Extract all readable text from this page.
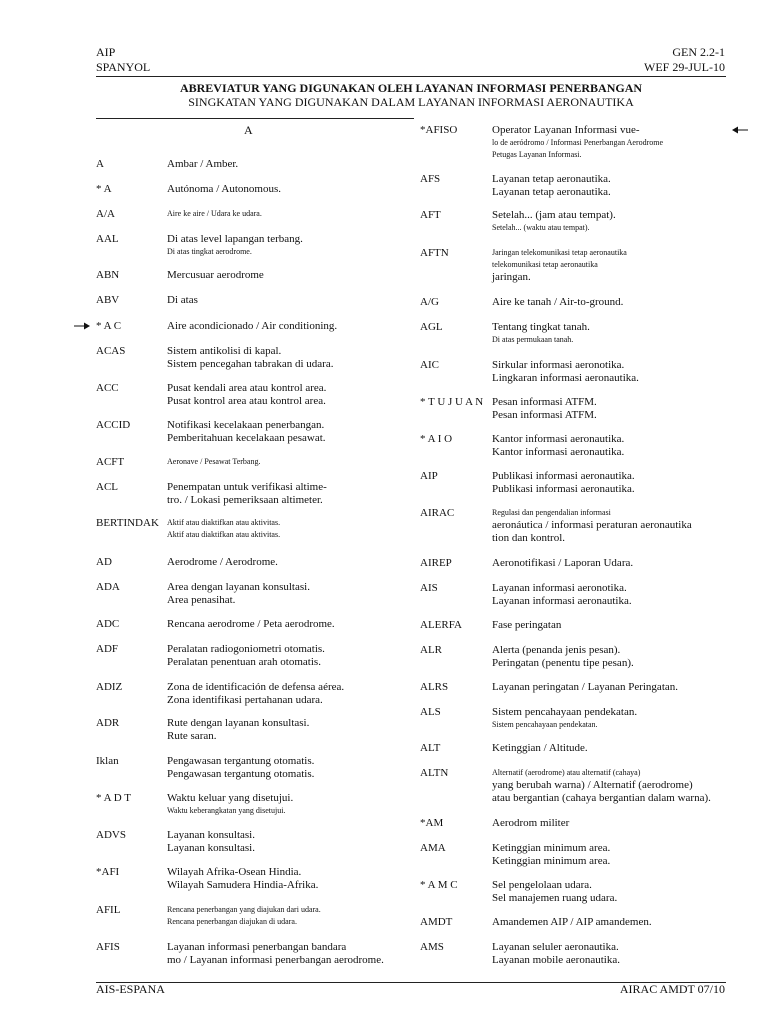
AIP
SPANYOL
GEN 2.2-1
WEF 29-JUL-10
ABREVIATUR YANG DIGUNAKAN OLEH LAYANAN INFORMASI PENERBANGAN
SINGKATAN YANG DIGUNAKAN DALAM LAYANAN INFORMASI AERONAUTIKA
A
A	Ambar / Amber.
* A	Autónoma / Autonomous.
A/A	Aire ke aire / Udara ke udara.
AAL	Di atas level lapangan terbang.
Di atas tingkat aerodrome.
ABN	Mercusuar aerodrome
ABV	Di atas
* A C	Aire acondicionado / Air conditioning.
ACAS	Sistem antikolisi di kapal.
Sistem pencegahan tabrakan di udara.
ACC	Pusat kendali area atau kontrol area.
Pusat kontrol area atau kontrol area.
ACCID	Notifikasi kecelakaan penerbangan.
Pemberitahuan kecelakaan pesawat.
ACFT	Aeronave / Pesawat Terbang.
ACL	Penempatan untuk verifikasi altime-
tro. / Lokasi pemeriksaan altimeter.
BERTINDAK Aktif atau diaktifkan atau aktivitas.
Aktif atau diaktifkan atau aktivitas.
AD	Aerodrome / Aerodrome.
ADA	Area dengan layanan konsultasi.
Area penasihat.
ADC	Rencana aerodrome / Peta aerodrome.
ADF	Peralatan radiogoniometri otomatis.
Peralatan penentuan arah otomatis.
ADIZ	Zona de identificación de defensa aérea.
Zona identifikasi pertahanan udara.
ADR	Rute dengan layanan konsultasi.
Rute saran.
Iklan	Pengawasan tergantung otomatis.
Pengawasan tergantung otomatis.
* A D T	Waktu keluar yang disetujui.
Waktu keberangkatan yang disetujui.
ADVS	Layanan konsultasi.
Layanan konsultasi.
*AFI	Wilayah Afrika-Osean Hindia.
Wilayah Samudera Hindia-Afrika.
AFIL	Rencana penerbangan yang diajukan dari udara.
Rencana penerbangan diajukan di udara.
AFIS	Layanan informasi penerbangan bandara
mo / Layanan informasi penerbangan aerodrome.
*AFISO	Operator Layanan Informasi vue-
lo de aeródromo / Informasi Penerbangan Aerodrome
Petugas Layanan Informasi.
AFS	Layanan tetap aeronautika.
Layanan tetap aeronautika.
AFT	Setelah... (jam atau tempat).
Setelah... (waktu atau tempat).
AFTN	Jaringan telekomunikasi tetap aeronautika
telekomunikasi tetap aeronautika
jaringan.
A/G	Aire ke tanah / Air-to-ground.
AGL	Tentang tingkat tanah.
Di atas permukaan tanah.
AIC	Sirkular informasi aeronotika.
Lingkaran informasi aeronautika.
* T U J U A N Pesan informasi ATFM.
Pesan informasi ATFM.
* A I O	Kantor informasi aeronautika.
Kantor informasi aeronautika.
AIP	Publikasi informasi aeronautika.
Publikasi informasi aeronautika.
AIRAC	Regulasi dan pengendalian informasi
aeronáutica / informasi peraturan aeronautika
tion dan kontrol.
AIREP	Aeronotifikasi / Laporan Udara.
AIS	Layanan informasi aeronotika.
Layanan informasi aeronautika.
ALERFA	Fase peringatan
ALR	Alerta (penanda jenis pesan).
Peringatan (penentu tipe pesan).
ALRS	Layanan peringatan / Layanan Peringatan.
ALS	Sistem pencahayaan pendekatan.
Sistem pencahayaan pendekatan.
ALT	Ketinggian / Altitude.
ALTN	Alternatif (aerodrome) atau alternatif (cahaya)
yang berubah warna) / Alternatif (aerodrome)
atau bergantian (cahaya bergantian dalam warna).
*AM	Aerodrom militer
AMA	Ketinggian minimum area.
Ketinggian minimum area.
* A M C	Sel pengelolaan udara.
Sel manajemen ruang udara.
AMDT	Amandemen AIP / AIP amandemen.
AMS	Layanan seluler aeronautika.
Layanan mobile aeronautika.
AIS-ESPANA	AIRAC AMDT 07/10
